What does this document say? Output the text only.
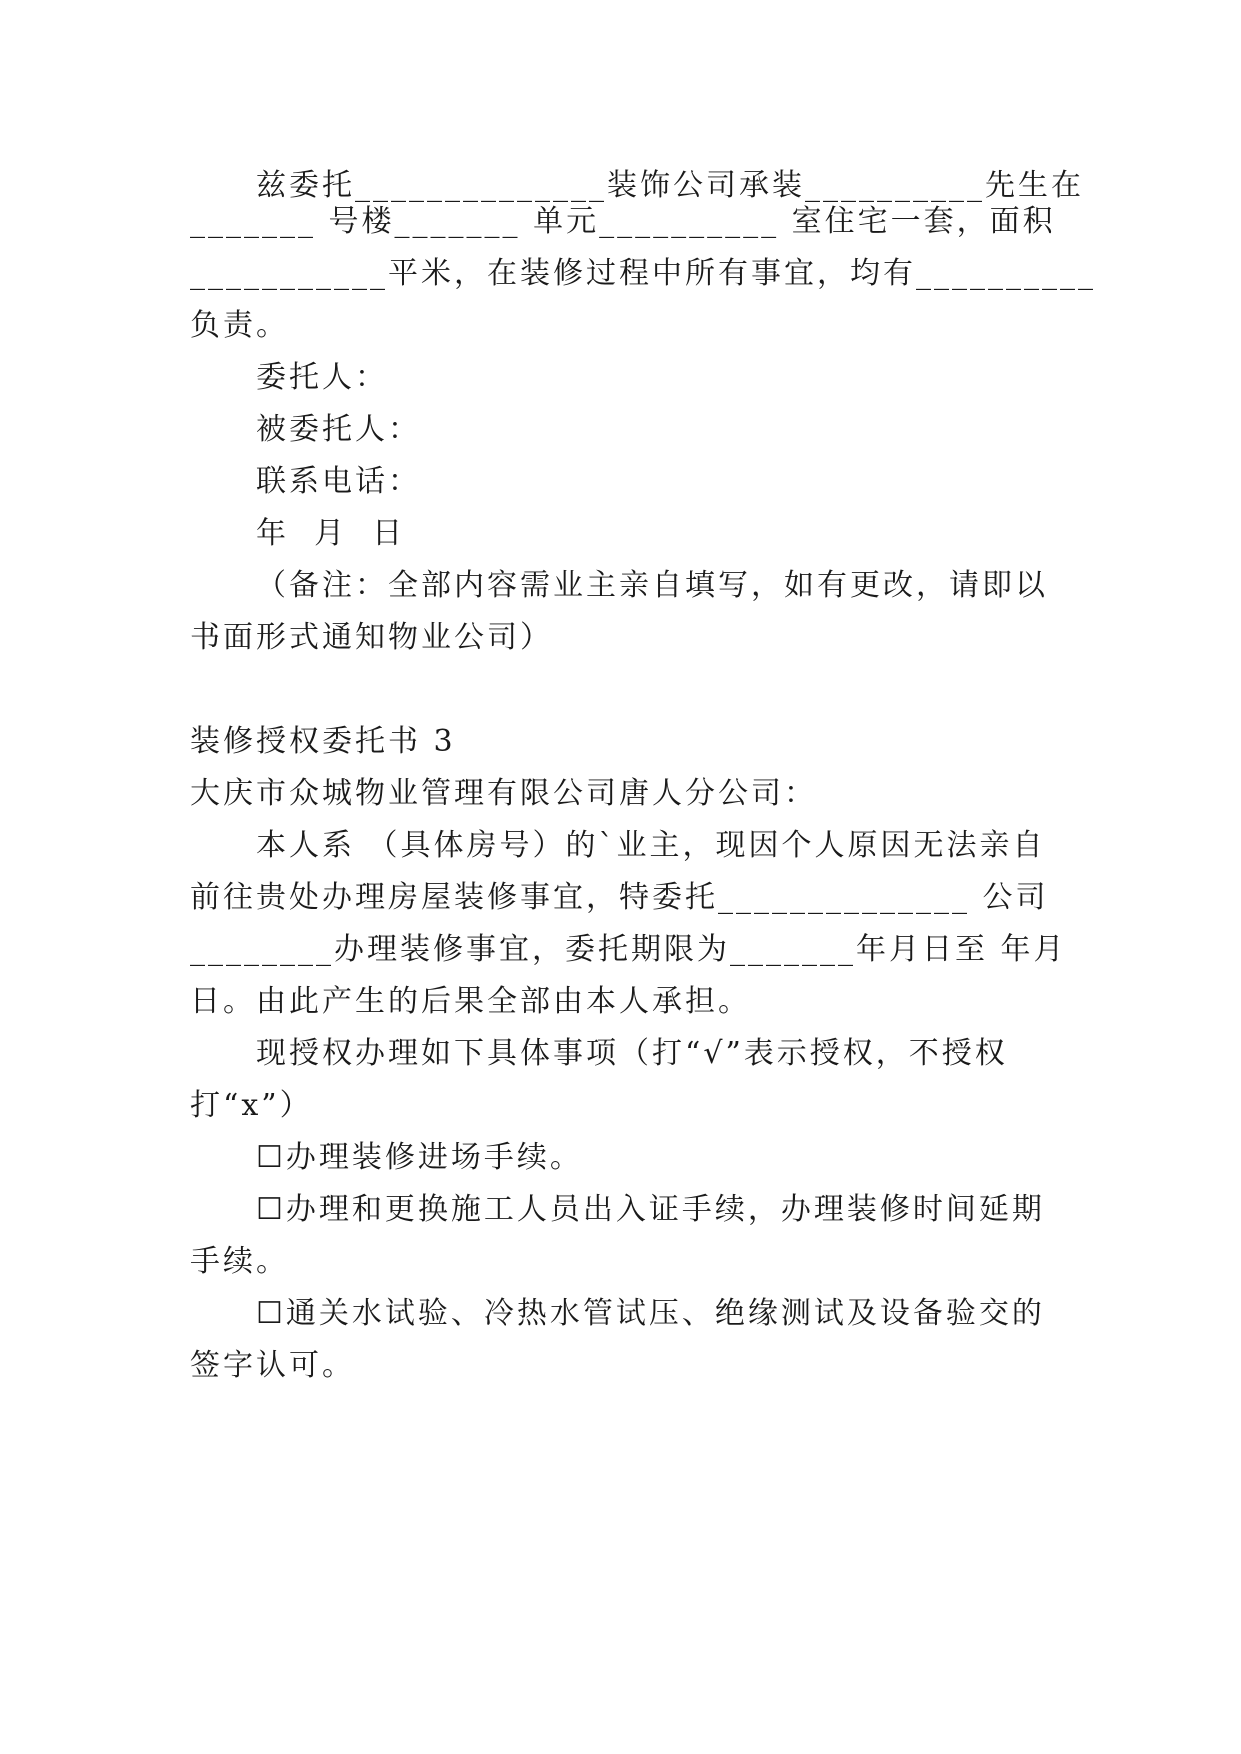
兹委托______________装饰公司承装__________先生在
_______ 号楼_______ 单元__________ 室住宅一套，面积
___________平米，在装修过程中所有事宜，均有__________
负责。
委托人：
被委托人：
联系电话：
年  月  日
（备注：全部内容需业主亲自填写，如有更改，请即以
书面形式通知物业公司）
装修授权委托书 3
大庆市众城物业管理有限公司唐人分公司：
本人系 （具体房号）的`业主，现因个人原因无法亲自
前往贵处办理房屋装修事宜，特委托______________ 公司
________办理装修事宜，委托期限为_______年月日至 年月
日。由此产生的后果全部由本人承担。
现授权办理如下具体事项（打“√”表示授权，不授权
打“x”）
☐办理装修进场手续。
☐办理和更换施工人员出入证手续，办理装修时间延期
手续。
☐通关水试验、冷热水管试压、绝缘测试及设备验交的
签字认可。
